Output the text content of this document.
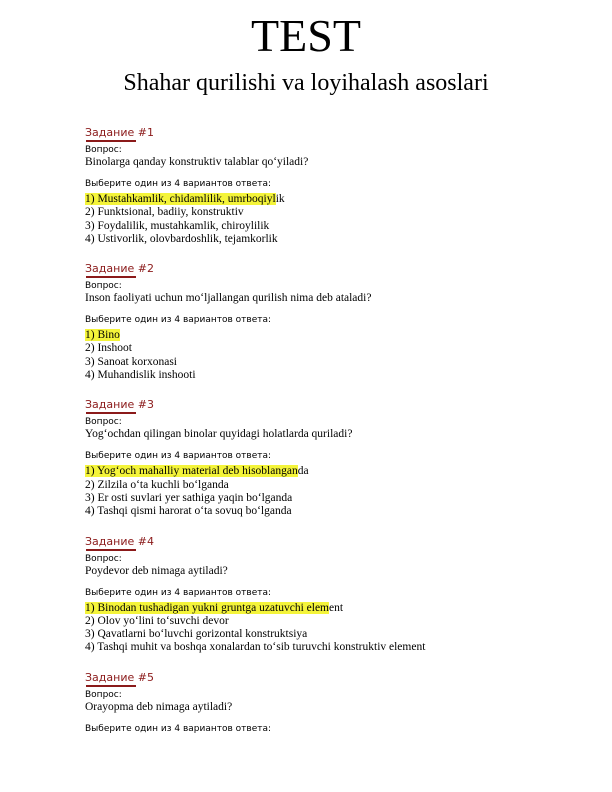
TEST
Shahar qurilishi va loyihalash asoslari
Задание #1
Вопрос:
Binolarga qanday konstruktiv talablar qo‘yiladi?
Выберите один из 4 вариантов ответа:
1) Mustahkamlik, chidamlilik, umrboqiylik
2) Funktsional, badiiy, konstruktiv
3) Foydalilik, mustahkamlik, chiroylilik
4) Ustivorlik, olovbardoshlik, tejamkorlik
Задание #2
Вопрос:
Inson faoliyati uchun mo‘ljallangan qurilish nima deb ataladi?
Выберите один из 4 вариантов ответа:
1) Bino
2) Inshoot
3) Sanoat korxonasi
4) Muhandislik inshooti
Задание #3
Вопрос:
Yog‘ochdan qilingan binolar quyidagi holatlarda quriladi?
Выберите один из 4 вариантов ответа:
1) Yog‘och mahalliy material deb hisoblanganda
2) Zilzila o‘ta kuchli bo‘lganda
3) Er osti suvlari yer sathiga yaqin bo‘lganda
4) Tashqi qismi harorat o‘ta sovuq bo‘lganda
Задание #4
Вопрос:
Poydevor deb nimaga aytiladi?
Выберите один из 4 вариантов ответа:
1) Binodan tushadigan yukni gruntga uzatuvchi element
2) Olov yo‘lini to‘suvchi devor
3) Qavatlarni bo‘luvchi gorizontal konstruktsiya
4) Tashqi muhit va boshqa xonalardan to‘sib turuvchi konstruktiv element
Задание #5
Вопрос:
Orayopma deb nimaga aytiladi?
Выберите один из 4 вариантов ответа:
